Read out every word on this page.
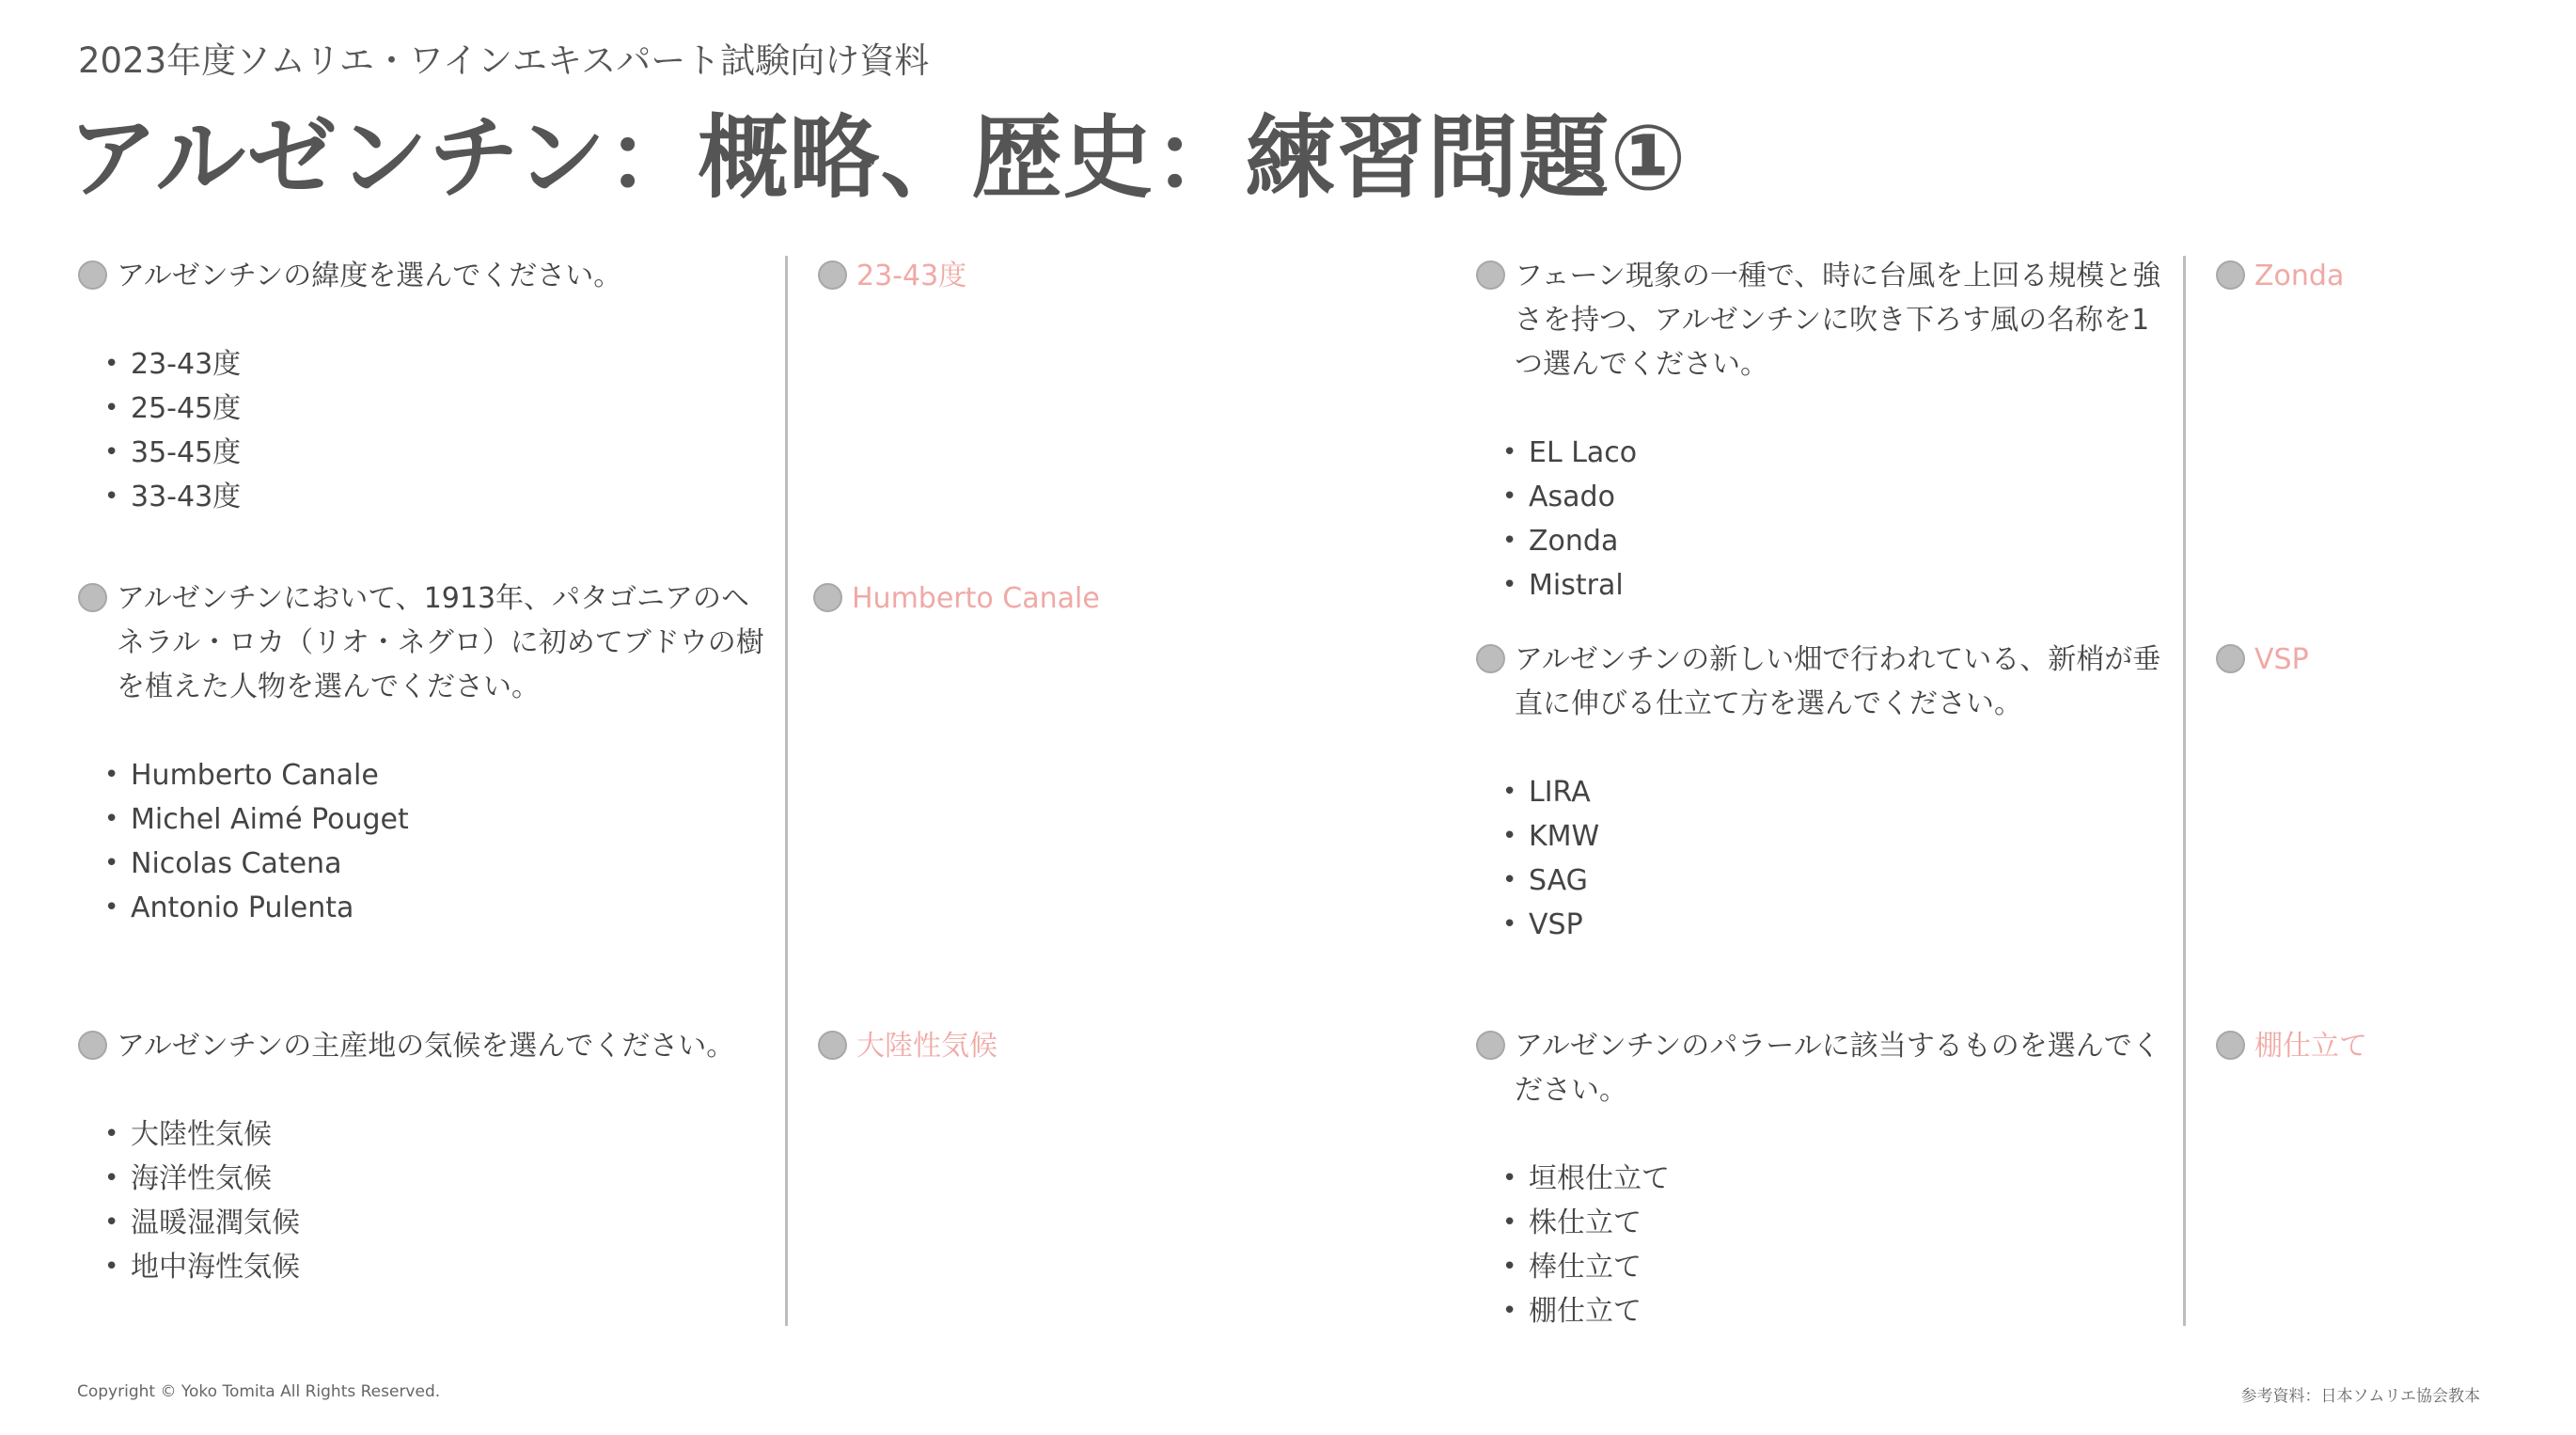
2023年度ソムリエ・ワインエキスパート試験向け資料
アルゼンチン：概略、歴史：練習問題①
アルゼンチンの緯度を選んでください。
• 23-43度
• 25-45度
• 35-45度
• 33-43度
23-43度
アルゼンチンにおいて、1913年、パタゴニアのヘネラル・ロカ（リオ・ネグロ）に初めてブドウの樹を植えた人物を選んでください。
• Humberto Canale
• Michel Aimé Pouget
• Nicolas Catena
• Antonio Pulenta
Humberto Canale
アルゼンチンの主産地の気候を選んでください。
• 大陸性気候
• 海洋性気候
• 温暖湿潤気候
• 地中海性気候
大陸性気候
フェーン現象の一種で、時に台風を上回る規模と強さを持つ、アルゼンチンに吹き下ろす風の名称を1つ選んでください。
• EL Laco
• Asado
• Zonda
• Mistral
Zonda
アルゼンチンの新しい畑で行われている、新梢が垂直に伸びる仕立て方を選んでください。
• LIRA
• KMW
• SAG
• VSP
VSP
アルゼンチンのパラールに該当するものを選んでください。
• 垣根仕立て
• 株仕立て
• 棒仕立て
• 棚仕立て
棚仕立て
Copyright © Yoko Tomita All Rights Reserved.	参考資料：日本ソムリエ協会教本
